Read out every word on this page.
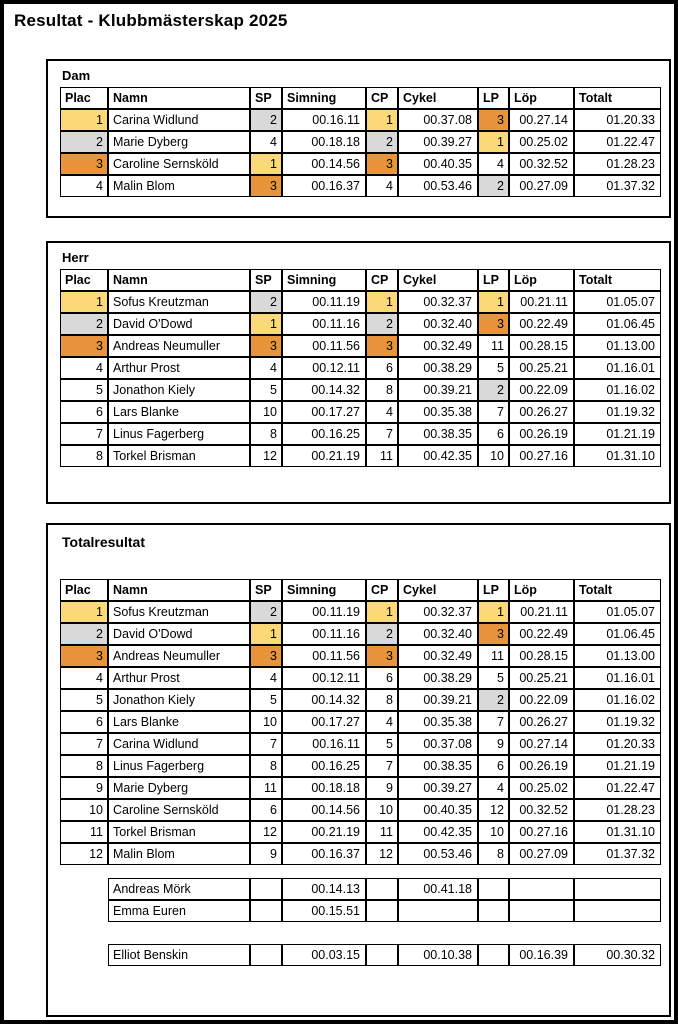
Resultat - Klubbmästerskap 2025
Dam
Plac	Namn	SP	Simning	CP	Cykel	LP	Löp	Totalt
1	Carina Widlund	2	00.16.11	1	00.37.08	3	00.27.14	01.20.33
2	Marie Dyberg	4	00.18.18	2	00.39.27	1	00.25.02	01.22.47
3	Caroline Sernsköld	1	00.14.56	3	00.40.35	4	00.32.52	01.28.23
4	Malin Blom	3	00.16.37	4	00.53.46	2	00.27.09	01.37.32
Herr
Plac	Namn	SP	Simning	CP	Cykel	LP	Löp	Totalt
1	Sofus Kreutzman	2	00.11.19	1	00.32.37	1	00.21.11	01.05.07
2	David O'Dowd	1	00.11.16	2	00.32.40	3	00.22.49	01.06.45
3	Andreas Neumuller	3	00.11.56	3	00.32.49	11	00.28.15	01.13.00
4	Arthur Prost	4	00.12.11	6	00.38.29	5	00.25.21	01.16.01
5	Jonathon Kiely	5	00.14.32	8	00.39.21	2	00.22.09	01.16.02
6	Lars Blanke	10	00.17.27	4	00.35.38	7	00.26.27	01.19.32
7	Linus Fagerberg	8	00.16.25	7	00.38.35	6	00.26.19	01.21.19
8	Torkel Brisman	12	00.21.19	11	00.42.35	10	00.27.16	01.31.10
Totalresultat
Plac	Namn	SP	Simning	CP	Cykel	LP	Löp	Totalt
1	Sofus Kreutzman	2	00.11.19	1	00.32.37	1	00.21.11	01.05.07
2	David O'Dowd	1	00.11.16	2	00.32.40	3	00.22.49	01.06.45
3	Andreas Neumuller	3	00.11.56	3	00.32.49	11	00.28.15	01.13.00
4	Arthur Prost	4	00.12.11	6	00.38.29	5	00.25.21	01.16.01
5	Jonathon Kiely	5	00.14.32	8	00.39.21	2	00.22.09	01.16.02
6	Lars Blanke	10	00.17.27	4	00.35.38	7	00.26.27	01.19.32
7	Carina Widlund	7	00.16.11	5	00.37.08	9	00.27.14	01.20.33
8	Linus Fagerberg	8	00.16.25	7	00.38.35	6	00.26.19	01.21.19
9	Marie Dyberg	11	00.18.18	9	00.39.27	4	00.25.02	01.22.47
10	Caroline Sernsköld	6	00.14.56	10	00.40.35	12	00.32.52	01.28.23
11	Torkel Brisman	12	00.21.19	11	00.42.35	10	00.27.16	01.31.10
12	Malin Blom	9	00.16.37	12	00.53.46	8	00.27.09	01.37.32
Andreas Mörk		00.14.13		00.41.18			
Emma Euren		00.15.51					
Elliot Benskin		00.03.15		00.10.38		00.16.39	00.30.32
